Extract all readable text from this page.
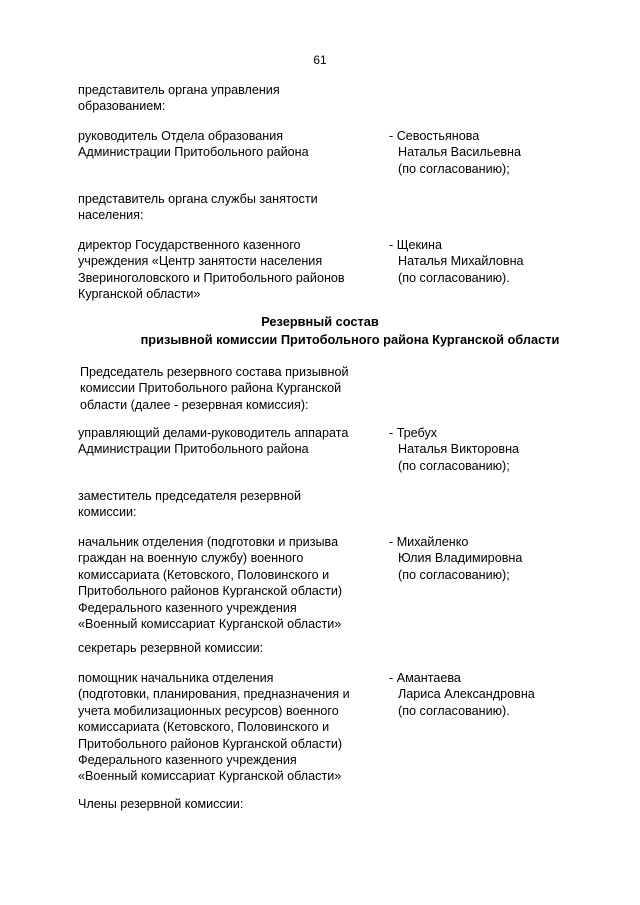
61
представитель органа управления
образованием:
руководитель Отдела образования
Администрации Притобольного района
- Севостьянова
Наталья Васильевна
(по согласованию);
представитель органа службы занятости
населения:
директор Государственного казенного
учреждения «Центр занятости населения
Звериноголовского и Притобольного районов
Курганской области»
- Щекина
Наталья Михайловна
(по согласованию).
Резервный состав
призывной комиссии Притобольного района Курганской области
Председатель резервного состава призывной
комиссии Притобольного района Курганской
области (далее - резервная комиссия):
управляющий делами-руководитель аппарата
Администрации Притобольного района
- Требух
Наталья Викторовна
(по согласованию);
заместитель председателя резервной
комиссии:
начальник отделения (подготовки и призыва
граждан на военную службу) военного
комиссариата (Кетовского, Половинского и
Притобольного районов Курганской области)
Федерального казенного учреждения
«Военный комиссариат Курганской области»
- Михайленко
Юлия Владимировна
(по согласованию);
секретарь резервной комиссии:
помощник начальника отделения
(подготовки, планирования, предназначения и
учета мобилизационных ресурсов) военного
комиссариата (Кетовского, Половинского и
Притобольного районов Курганской области)
Федерального казенного учреждения
«Военный комиссариат Курганской области»
- Амантаева
Лариса Александровна
(по согласованию).
Члены резервной комиссии:
